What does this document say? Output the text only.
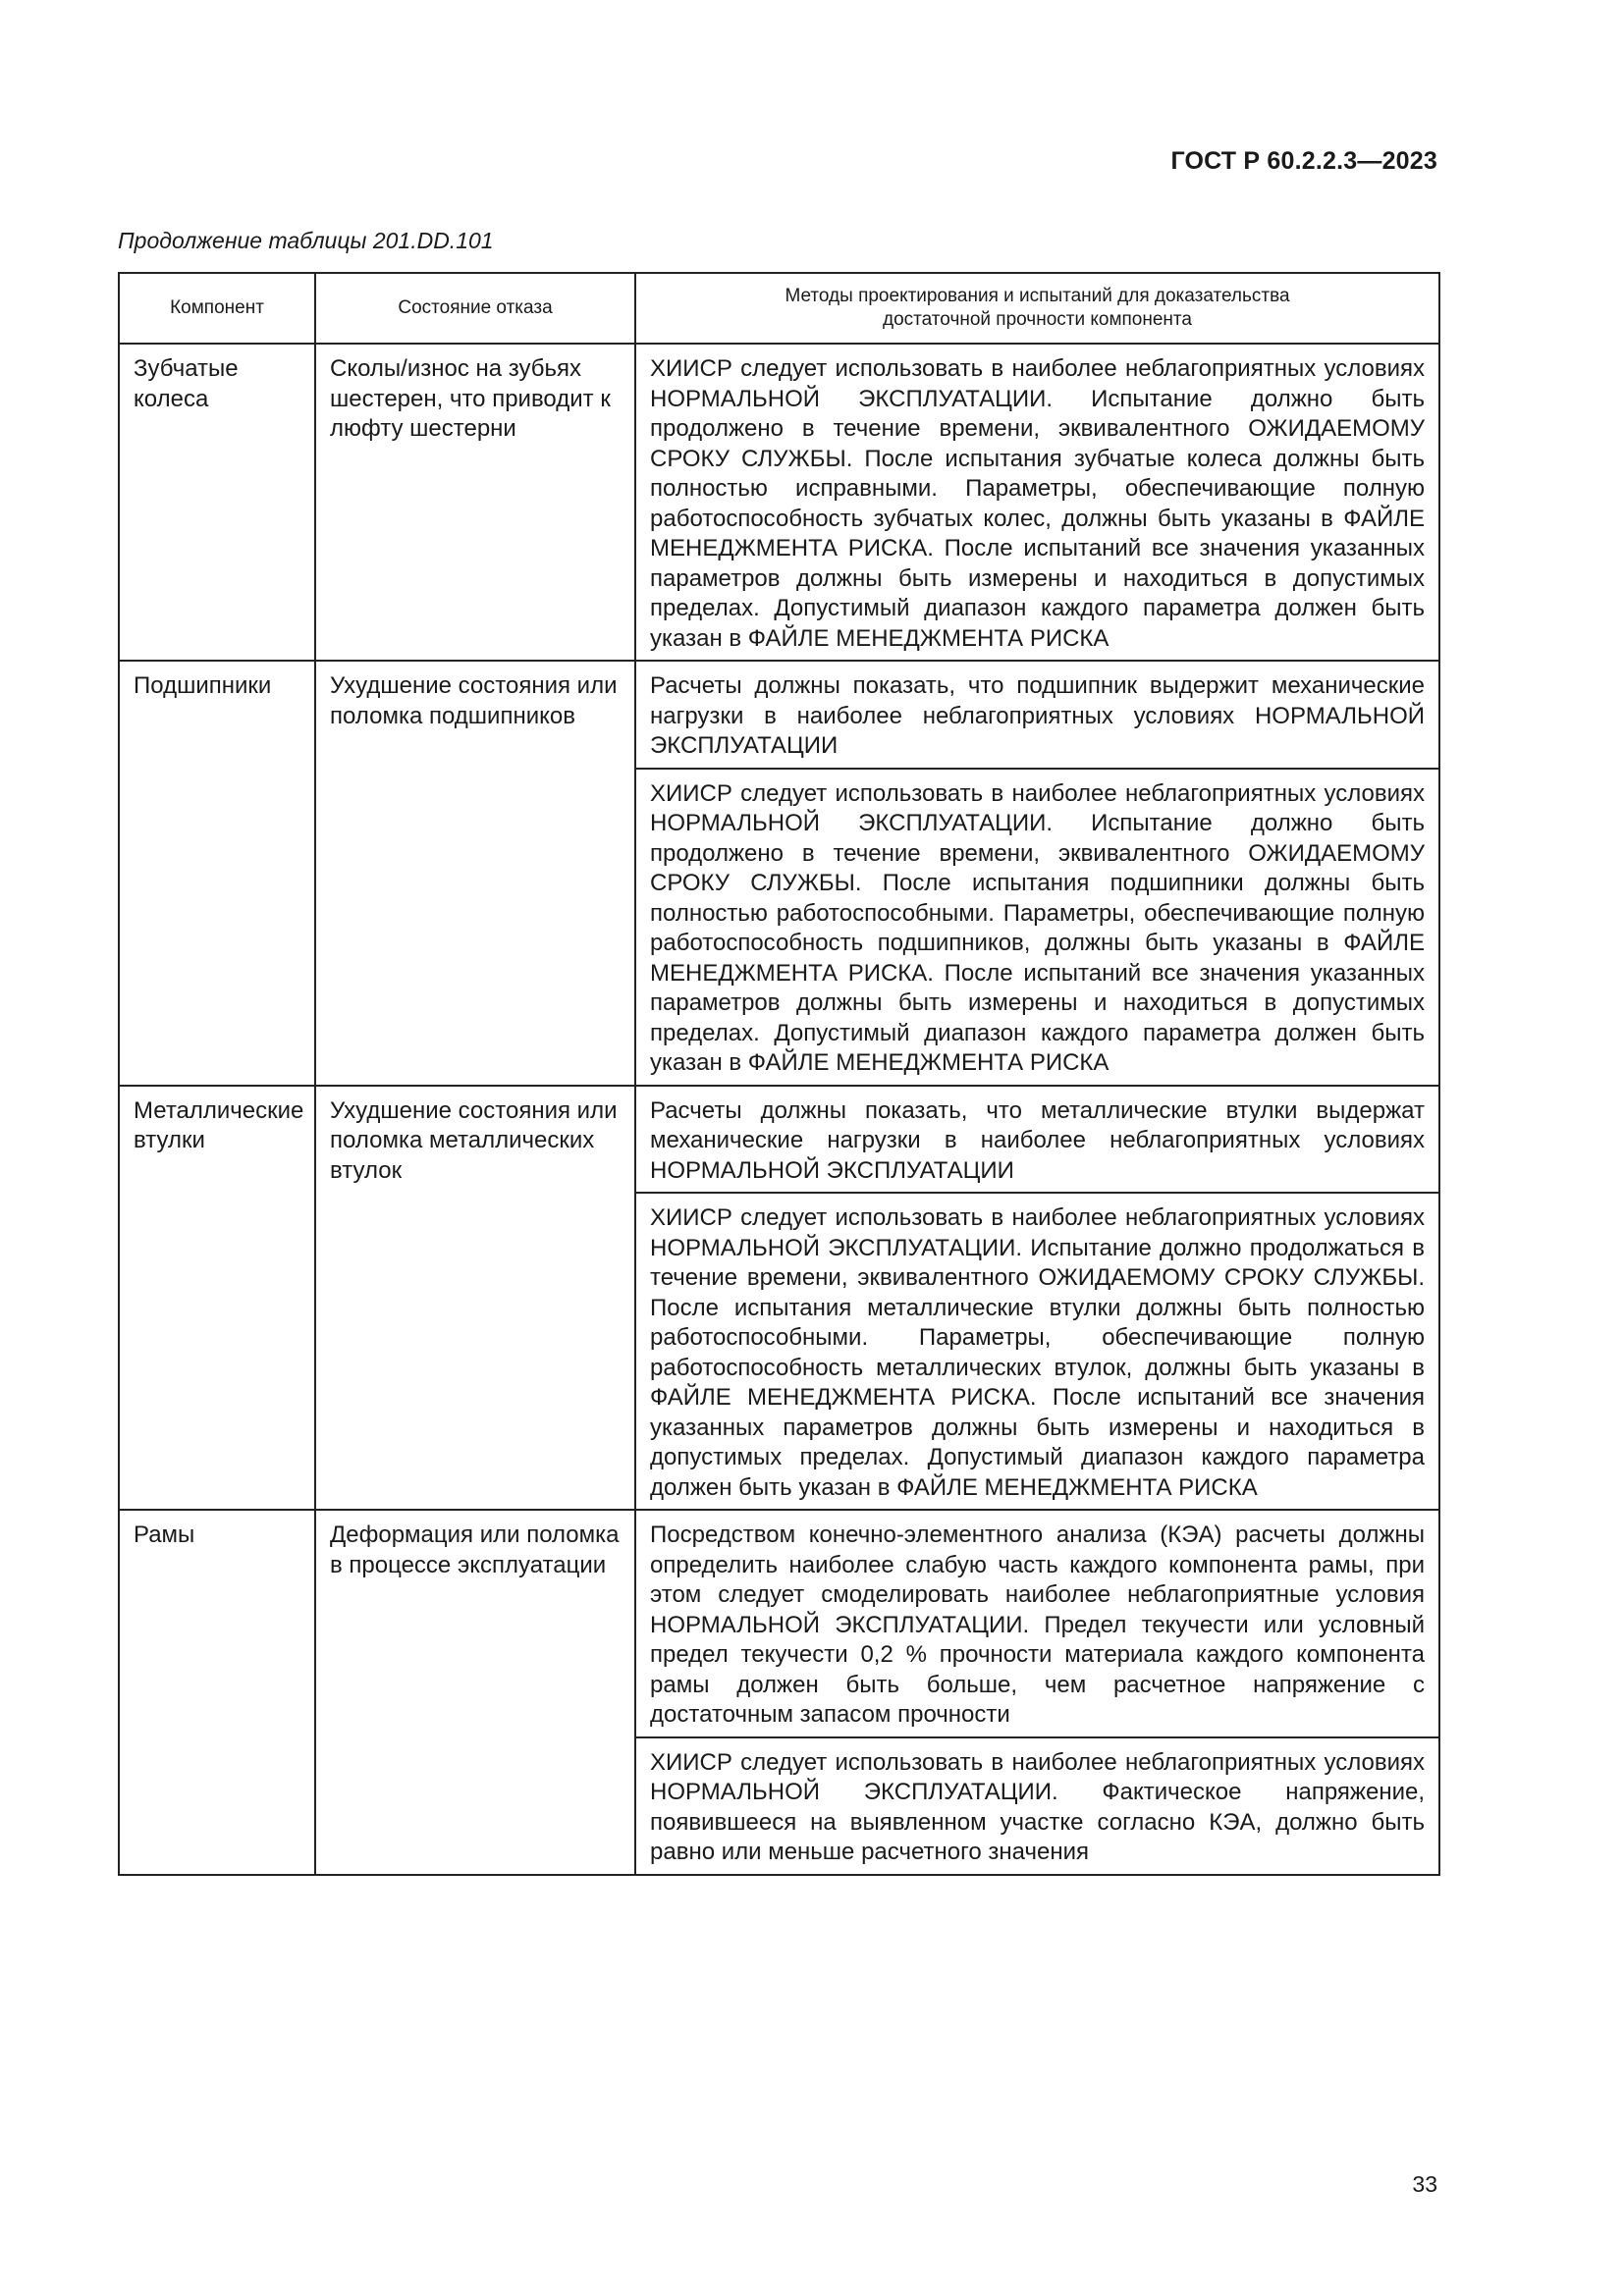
ГОСТ Р 60.2.2.3—2023
Продолжение таблицы 201.DD.101
Компонент	Состояние отказа	Методы проектирования и испытаний для доказательства достаточной прочности компонента

Зубчатые колеса	Сколы/износ на зубьях шестерен, что приводит к люфту шестерни	ХИИСР следует использовать в наиболее неблагоприятных условиях НОРМАЛЬНОЙ ЭКСПЛУАТАЦИИ. Испытание должно быть продолжено в течение времени, эквивалентного ОЖИДАЕМОМУ СРОКУ СЛУЖБЫ. После испытания зубчатые колеса должны быть полностью исправными. Параметры, обеспечивающие полную работоспособность зубчатых колес, должны быть указаны в ФАЙЛЕ МЕНЕДЖМЕНТА РИСКА. После испытаний все значения указанных параметров должны быть измерены и находиться в допустимых пределах. Допустимый диапазон каждого параметра должен быть указан в ФАЙЛЕ МЕНЕДЖМЕНТА РИСКА

Подшипники	Ухудшение состояния или поломка подшипников	Расчеты должны показать, что подшипник выдержит механические нагрузки в наиболее неблагоприятных условиях НОРМАЛЬНОЙ ЭКСПЛУАТАЦИИ

		ХИИСР следует использовать в наиболее неблагоприятных условиях НОРМАЛЬНОЙ ЭКСПЛУАТАЦИИ. Испытание должно быть продолжено в течение времени, эквивалентного ОЖИДАЕМОМУ СРОКУ СЛУЖБЫ. После испытания подшипники должны быть полностью работоспособными. Параметры, обеспечивающие полную работоспособность подшипников, должны быть указаны в ФАЙЛЕ МЕНЕДЖМЕНТА РИСКА. После испытаний все значения указанных параметров должны быть измерены и находиться в допустимых пределах. Допустимый диапазон каждого параметра должен быть указан в ФАЙЛЕ МЕНЕДЖМЕНТА РИСКА

Металлические втулки	Ухудшение состояния или поломка металлических втулок	Расчеты должны показать, что металлические втулки выдержат механические нагрузки в наиболее неблагоприятных условиях НОРМАЛЬНОЙ ЭКСПЛУАТАЦИИ

		ХИИСР следует использовать в наиболее неблагоприятных условиях НОРМАЛЬНОЙ ЭКСПЛУАТАЦИИ. Испытание должно продолжаться в течение времени, эквивалентного ОЖИДАЕМОМУ СРОКУ СЛУЖБЫ. После испытания металлические втулки должны быть полностью работоспособными. Параметры, обеспечивающие полную работоспособность металлических втулок, должны быть указаны в ФАЙЛЕ МЕНЕДЖМЕНТА РИСКА. После испытаний все значения указанных параметров должны быть измерены и находиться в допустимых пределах. Допустимый диапазон каждого параметра должен быть указан в ФАЙЛЕ МЕНЕДЖМЕНТА РИСКА

Рамы	Деформация или поломка в процессе эксплуатации	Посредством конечно-элементного анализа (КЭА) расчеты должны определить наиболее слабую часть каждого компонента рамы, при этом следует смоделировать наиболее неблагоприятные условия НОРМАЛЬНОЙ ЭКСПЛУАТАЦИИ. Предел текучести или условный предел текучести 0,2 % прочности материала каждого компонента рамы должен быть больше, чем расчетное напряжение с достаточным запасом прочности

		ХИИСР следует использовать в наиболее неблагоприятных условиях НОРМАЛЬНОЙ ЭКСПЛУАТАЦИИ. Фактическое напряжение, появившееся на выявленном участке согласно КЭА, должно быть равно или меньше расчетного значения
33
